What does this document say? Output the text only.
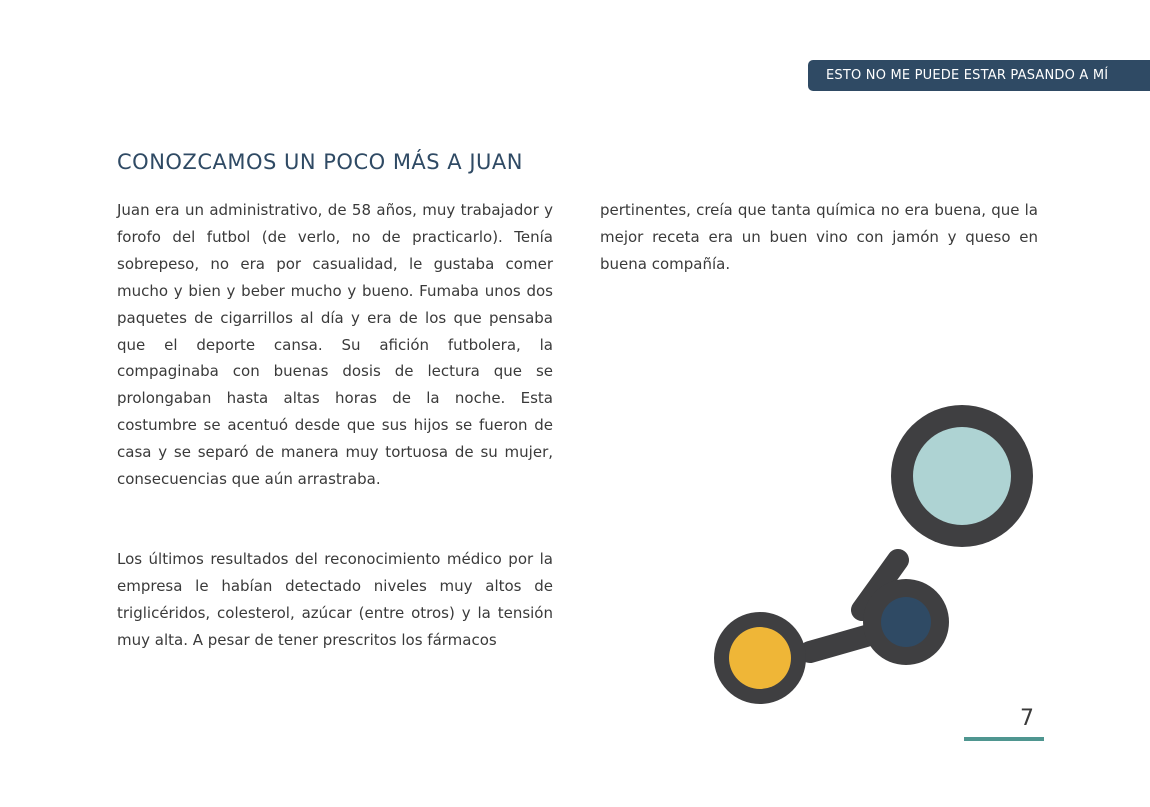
ESTO NO ME PUEDE ESTAR PASANDO A MÍ
CONOZCAMOS UN POCO MÁS A JUAN

Juan era un administrativo, de 58 años, muy trabajador y forofo del futbol (de verlo, no de practicarlo). Tenía sobrepeso, no era por casualidad, le gustaba comer mucho y bien y beber mucho y bueno. Fumaba unos dos paquetes de cigarrillos al día y era de los que pensaba que el deporte cansa. Su afición futbolera, la compaginaba con buenas dosis de lectura que se prolongaban hasta altas horas de la noche. Esta costumbre se acentuó desde que sus hijos se fueron de casa y se separó de manera muy tortuosa de su mujer, consecuencias que aún arrastraba.

Los últimos resultados del reconocimiento médico por la empresa le habían detectado niveles muy altos de triglicéridos, colesterol, azúcar (entre otros) y la tensión muy alta. A pesar de tener prescritos los fármacos

pertinentes, creía que tanta química no era buena, que la mejor receta era un buen vino con jamón y queso en buena compañía.

7
